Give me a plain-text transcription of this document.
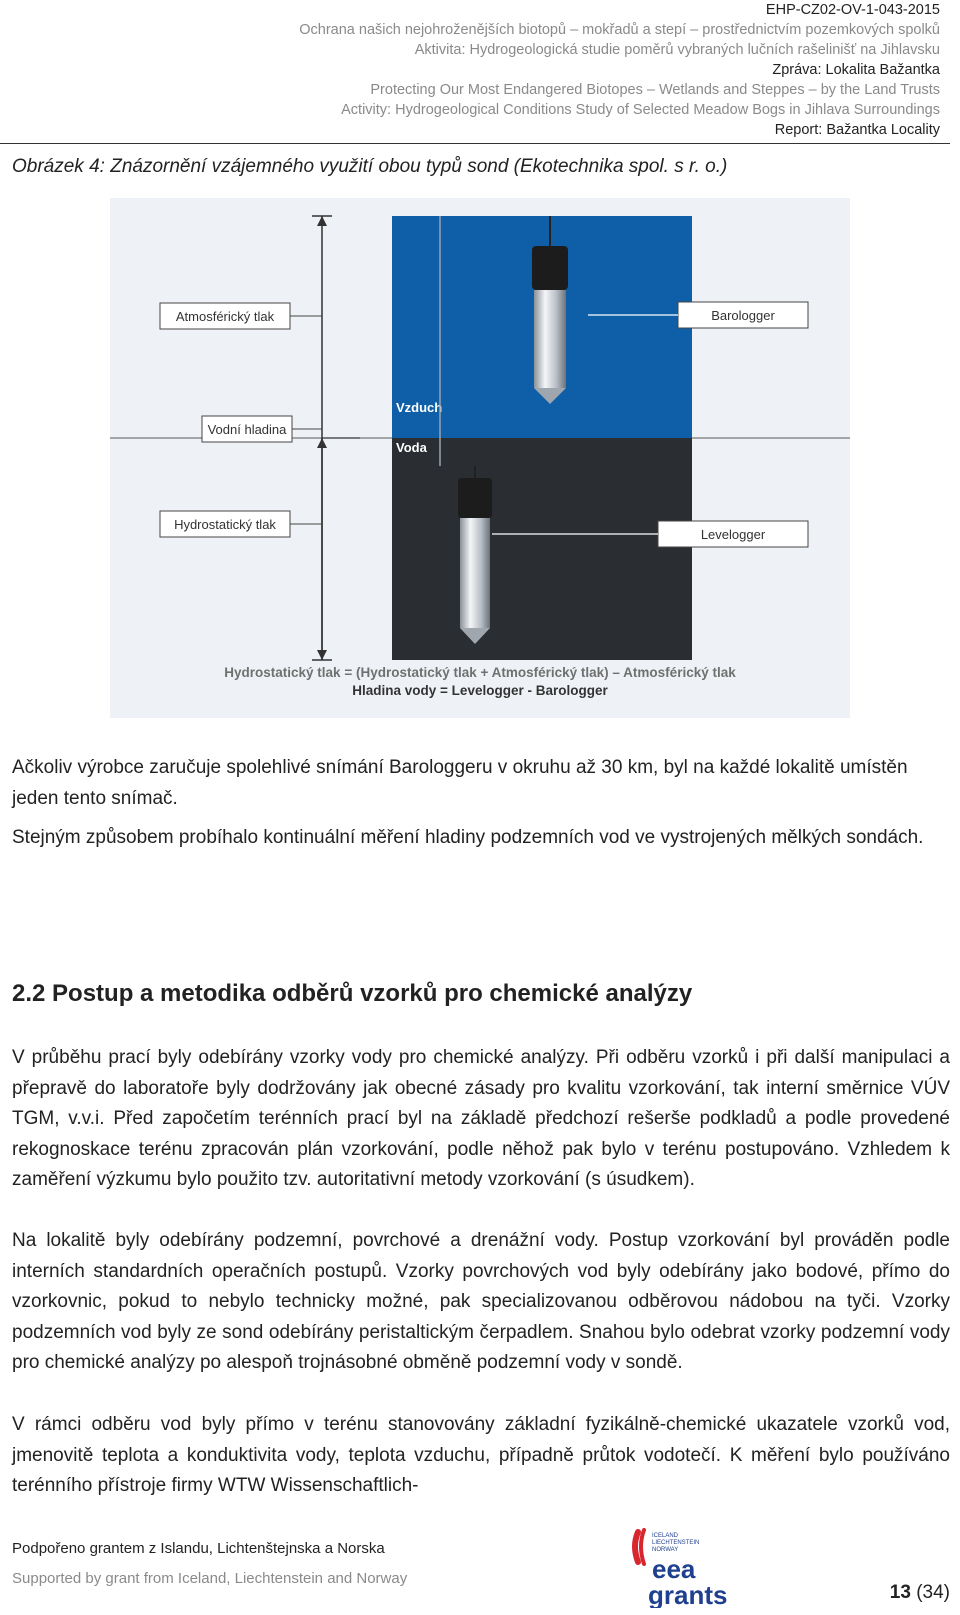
EHP-CZ02-OV-1-043-2015
Ochrana našich nejohroženějších biotopů – mokřadů a stepí – prostřednictvím pozemkových spolků
Aktivita: Hydrogeologická studie poměrů vybraných lučních rašelinišť na Jihlavsku
Zpráva: Lokalita Bažantka
Protecting Our Most Endangered Biotopes – Wetlands and Steppes – by the Land Trusts
Activity: Hydrogeological Conditions Study of Selected Meadow Bogs in Jihlava Surroundings
Report: Bažantka Locality
Obrázek 4: Znázornění vzájemného využití obou typů sond (Ekotechnika spol. s r. o.)
Atmosférický tlak
Vodní hladina
Hydrostatický tlak
Barologger
Levelogger
Vzduch
Voda
Hydrostatický tlak = (Hydrostatický tlak + Atmosférický tlak) – Atmosférický tlak
Hladina vody = Levelogger - Barologger
Ačkoliv výrobce zaručuje spolehlivé snímání Barologgeru v okruhu až 30 km, byl na každé lokalitě umístěn jeden tento snímač.
Stejným způsobem probíhalo kontinuální měření hladiny podzemních vod ve vystrojených mělkých sondách.
2.2 Postup a metodika odběrů vzorků pro chemické analýzy
V průběhu prací byly odebírány vzorky vody pro chemické analýzy. Při odběru vzorků i při další manipulaci a přepravě do laboratoře byly dodržovány jak obecné zásady pro kvalitu vzorkování, tak interní směrnice VÚV TGM, v.v.i. Před započetím terénních prací byl na základě předchozí rešerše podkladů a podle provedené rekognoskace terénu zpracován plán vzorkování, podle něhož pak bylo v terénu postupováno. Vzhledem k zaměření výzkumu bylo použito tzv. autoritativní metody vzorkování (s úsudkem).
Na lokalitě byly odebírány podzemní, povrchové a drenážní vody. Postup vzorkování byl prováděn podle interních standardních operačních postupů. Vzorky povrchových vod byly odebírány jako bodové, přímo do vzorkovnic, pokud to nebylo technicky možné, pak specializovanou odběrovou nádobou na tyči. Vzorky podzemních vod byly ze sond odebírány peristaltickým čerpadlem. Snahou bylo odebrat vzorky podzemní vody pro chemické analýzy po alespoň trojnásobné obměně podzemní vody v sondě.
V rámci odběru vod byly přímo v terénu stanovovány základní fyzikálně-chemické ukazatele vzorků vod, jmenovitě teplota a konduktivita vody, teplota vzduchu, případně průtok vodotečí. K měření bylo používáno terénního přístroje firmy WTW Wissenschaftlich-
Podpořeno grantem z Islandu, Lichtenštejnska a Norska
Supported by grant from Iceland, Liechtenstein and Norway
ICELAND
LIECHTENSTEIN
NORWAY
eea
grants	13 (34)
